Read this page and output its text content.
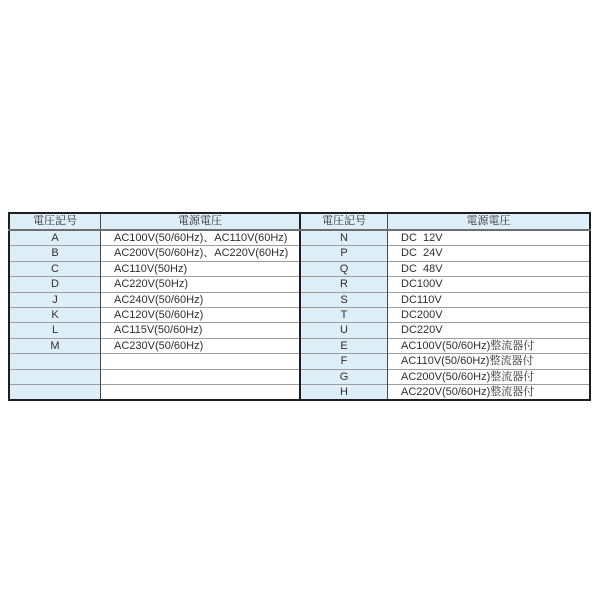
電圧記号	電源電圧
A	AC100V(50/60Hz)、AC110V(60Hz)
B	AC200V(50/60Hz)、AC220V(60Hz)
C	AC110V(50Hz)
D	AC220V(50Hz)
J	AC240V(50/60Hz)
K	AC120V(50/60Hz)
L	AC115V(50/60Hz)
M	AC230V(50/60Hz)

電圧記号	電源電圧
N	DC  12V
P	DC  24V
Q	DC  48V
R	DC100V
S	DC110V
T	DC200V
U	DC220V
E	AC100V(50/60Hz)整流器付
F	AC110V(50/60Hz)整流器付
G	AC200V(50/60Hz)整流器付
H	AC220V(50/60Hz)整流器付
